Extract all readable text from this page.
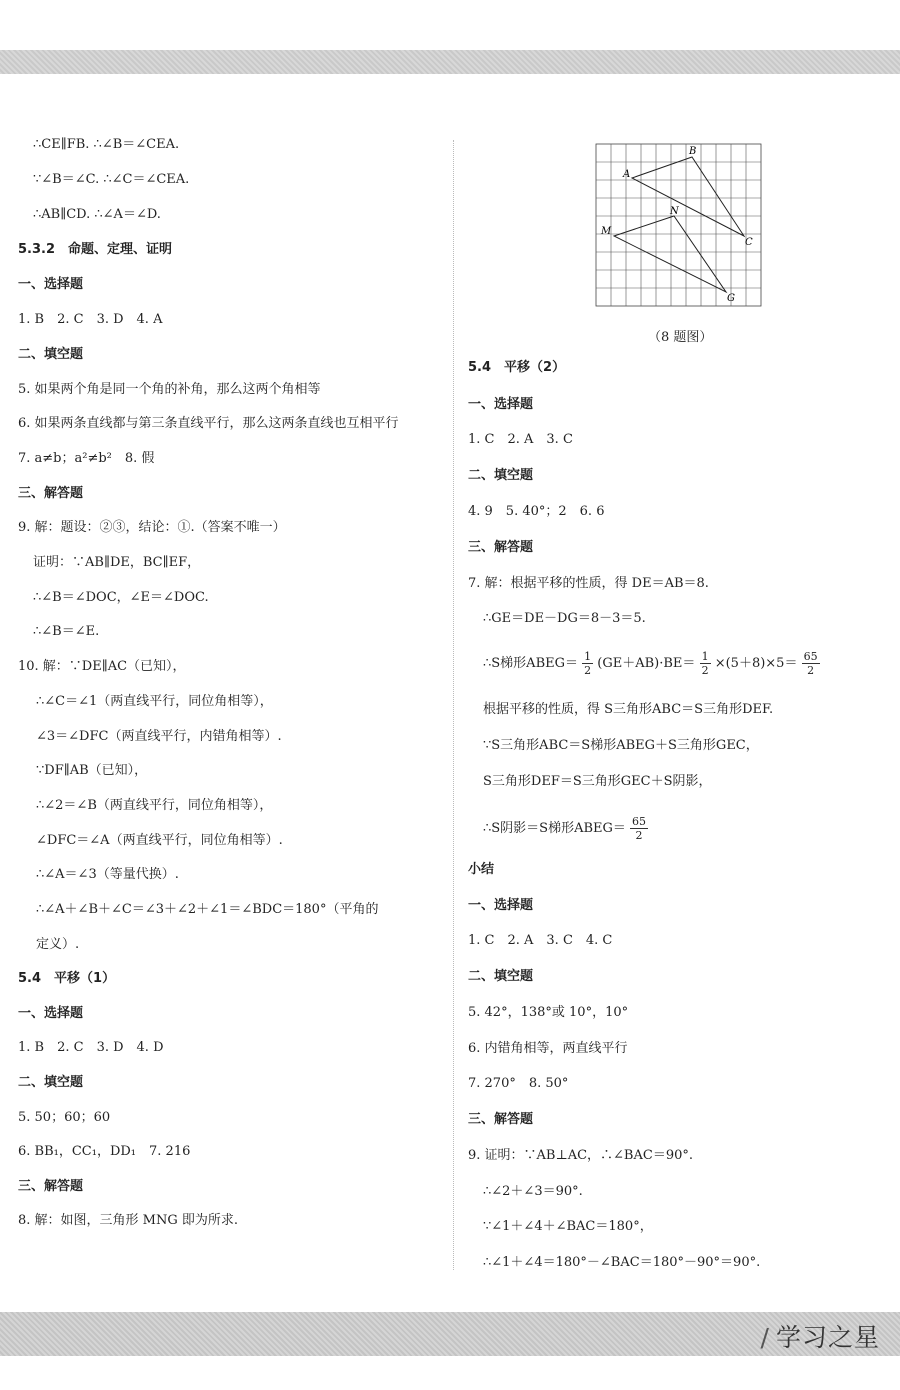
∴CE∥FB. ∴∠B＝∠CEA.
∵∠B＝∠C. ∴∠C＝∠CEA.
∴AB∥CD. ∴∠A＝∠D.
5.3.2　命题、定理、证明
一、选择题
1. B　2. C　3. D　4. A
二、填空题
5. 如果两个角是同一个角的补角，那么这两个角相等
6. 如果两条直线都与第三条直线平行，那么这两条直线也互相平行
7. a≠b；a²≠b²　8. 假
三、解答题
9. 解：题设：②③，结论：①.（答案不唯一）
证明：∵AB∥DE，BC∥EF，
∴∠B＝∠DOC，∠E＝∠DOC.
∴∠B＝∠E.
10. 解：∵DE∥AC（已知），
∴∠C＝∠1（两直线平行，同位角相等），
∠3＝∠DFC（两直线平行，内错角相等）.
∵DF∥AB（已知），
∴∠2＝∠B（两直线平行，同位角相等），
∠DFC＝∠A（两直线平行，同位角相等）.
∴∠A＝∠3（等量代换）.
∴∠A＋∠B＋∠C＝∠3＋∠2＋∠1＝∠BDC＝180°（平角的
定义）.
5.4　平移（1）
一、选择题
1. B　2. C　3. D　4. D
二、填空题
5. 50；60；60
6. BB₁，CC₁，DD₁　7. 216
三、解答题
8. 解：如图，三角形 MNG 即为所求.
A
B
C
N
M
G
（8 题图）
5.4　平移（2）
一、选择题
1. C　2. A　3. C
二、填空题
4. 9　5. 40°；2　6. 6
三、解答题
7. 解：根据平移的性质，得 DE＝AB＝8.
∴GE＝DE－DG＝8－3＝5.
∴S梯形ABEG＝ $\frac{1}{2} (GE+AB)\cdot BE= \frac{1}{2} \times(5+8)\times 5= \frac{65}{2}$
根据平移的性质，得 S三角形ABC＝S三角形DEF.
∵S三角形ABC＝S梯形ABEG＋S三角形GEC，
S三角形DEF＝S三角形GEC＋S阴影，
∴S阴影＝S梯形ABEG＝ $\frac{65}{2}$
小结
一、选择题
1. C　2. A　3. C　4. C
二、填空题
5. 42°，138°或 10°，10°
6. 内错角相等，两直线平行
7. 270°　8. 50°
三、解答题
9. 证明：∵AB⊥AC，∴∠BAC＝90°.
∴∠2＋∠3＝90°.
∵∠1＋∠4＋∠BAC＝180°，
∴∠1＋∠4＝180°－∠BAC＝180°－90°＝90°.
/ 学习之星
